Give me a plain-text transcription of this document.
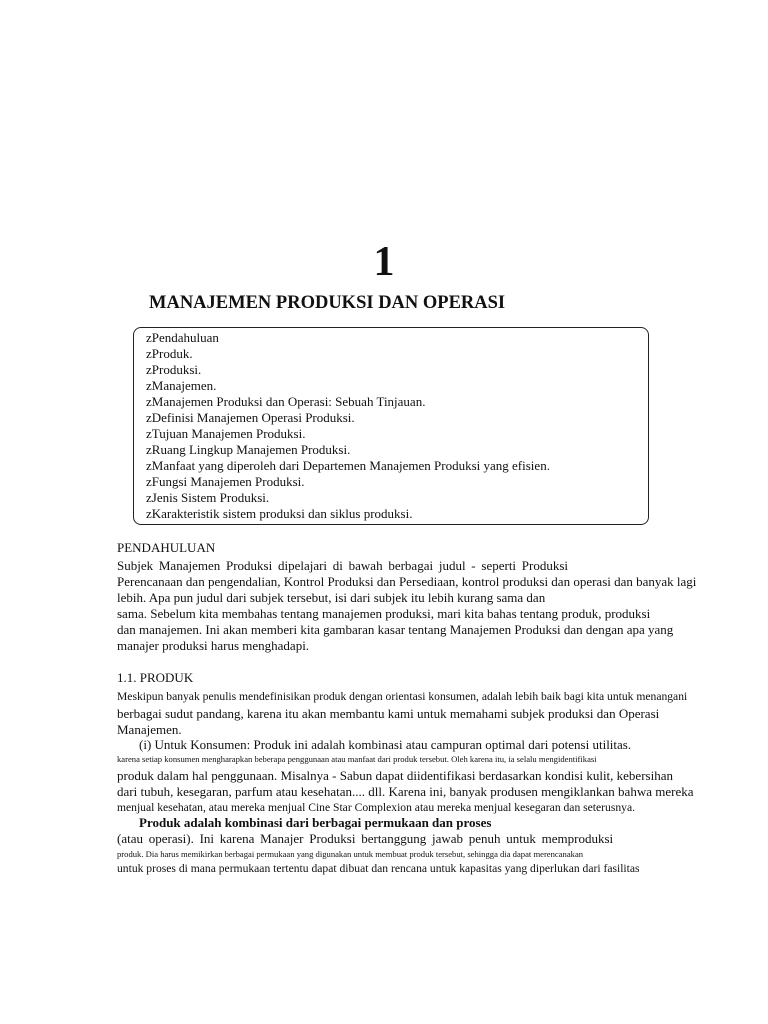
1
MANAJEMEN PRODUKSI DAN OPERASI
zPendahuluan
zProduk.
zProduksi.
zManajemen.
zManajemen Produksi dan Operasi: Sebuah Tinjauan.
zDefinisi Manajemen Operasi Produksi.
zTujuan Manajemen Produksi.
zRuang Lingkup Manajemen Produksi.
zManfaat yang diperoleh dari Departemen Manajemen Produksi yang efisien.
zFungsi Manajemen Produksi.
zJenis Sistem Produksi.
zKarakteristik sistem produksi dan siklus produksi.
PENDAHULUAN
Subjek Manajemen Produksi dipelajari di bawah berbagai judul - seperti Produksi
Perencanaan dan pengendalian, Kontrol Produksi dan Persediaan, kontrol produksi dan operasi dan banyak lagi
lebih. Apa pun judul dari subjek tersebut, isi dari subjek itu lebih kurang sama dan
sama. Sebelum kita membahas tentang manajemen produksi, mari kita bahas tentang produk, produksi
dan manajemen. Ini akan memberi kita gambaran kasar tentang Manajemen Produksi dan dengan apa yang
manajer produksi harus menghadapi.
1.1. PRODUK
Meskipun banyak penulis mendefinisikan produk dengan orientasi konsumen, adalah lebih baik bagi kita untuk menangani
berbagai sudut pandang, karena itu akan membantu kami untuk memahami subjek produksi dan Operasi
Manajemen.
(i) Untuk Konsumen: Produk ini adalah kombinasi atau campuran optimal dari potensi utilitas.
karena setiap konsumen mengharapkan beberapa penggunaan atau manfaat dari produk tersebut. Oleh karena itu, ia selalu mengidentifikasi
produk dalam hal penggunaan. Misalnya - Sabun dapat diidentifikasi berdasarkan kondisi kulit, kebersihan
dari tubuh, kesegaran, parfum atau kesehatan.... dll. Karena ini, banyak produsen mengiklankan bahwa mereka
menjual kesehatan, atau mereka menjual Cine Star Complexion atau mereka menjual kesegaran dan seterusnya.
Produk adalah kombinasi dari berbagai permukaan dan proses
(atau operasi). Ini karena Manajer Produksi bertanggung jawab penuh untuk memproduksi
produk. Dia harus memikirkan berbagai permukaan yang digunakan untuk membuat produk tersebut, sehingga dia dapat merencanakan
untuk proses di mana permukaan tertentu dapat dibuat dan rencana untuk kapasitas yang diperlukan dari fasilitas
